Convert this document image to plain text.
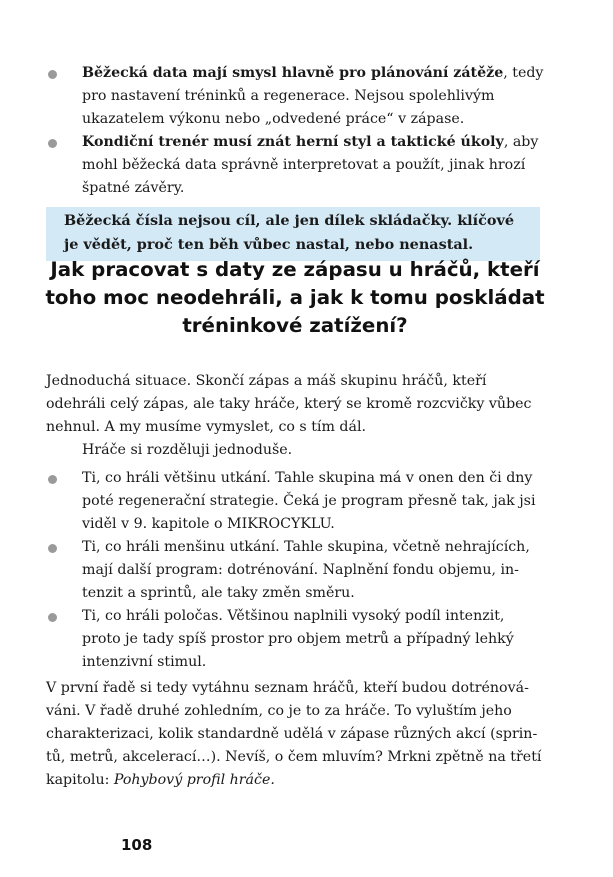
Běžecká data mají smysl hlavně pro plánování zátěže, tedy pro nastavení tréninků a regenerace. Nejsou spolehlivým ukazatelem výkonu nebo „odvedené práce“ v zápase.
Kondiční trenér musí znát herní styl a taktické úkoly, aby mohl běžecká data správně interpretovat a použít, jinak hrozí špatné závěry.
Běžecká čísla nejsou cíl, ale jen dílek skládačky. klíčové je vědět, proč ten běh vůbec nastal, nebo nenastal.
Jak pracovat s daty ze zápasu u hráčů, kteří toho moc neodehráli, a jak k tomu poskládat tréninkové zatížení?
Jednoduchá situace. Skončí zápas a máš skupinu hráčů, kteří odehráli celý zápas, ale taky hráče, který se kromě rozcvičky vůbec nehnul. A my musíme vymyslet, co s tím dál.
Hráče si rozděluji jednoduše.
Ti, co hráli většinu utkání. Tahle skupina má v onen den či dny poté regenerační strategie. Čeká je program přesně tak, jak jsi viděl v 9. kapitole o MIKROCYKLU.
Ti, co hráli menšinu utkání. Tahle skupina, včetně nehrajících, mají další program: dotrénování. Naplnění fondu objemu, intenzit a sprintů, ale taky změn směru.
Ti, co hráli poločas. Většinou naplnili vysoký podíl intenzit, proto je tady spíš prostor pro objem metrů a případný lehký intenzivní stimul.

V první řadě si tedy vytáhnu seznam hráčů, kteří budou dotrénováváni. V řadě druhé zohledním, co je to za hráče. To vyluštím jeho charakterizaci, kolik standardně udělá v zápase různých akcí (sprintů, metrů, akcelerací…). Nevíš, o čem mluvím? Mrkni zpětně na třetí kapitolu: Pohybový profil hráče.

108
